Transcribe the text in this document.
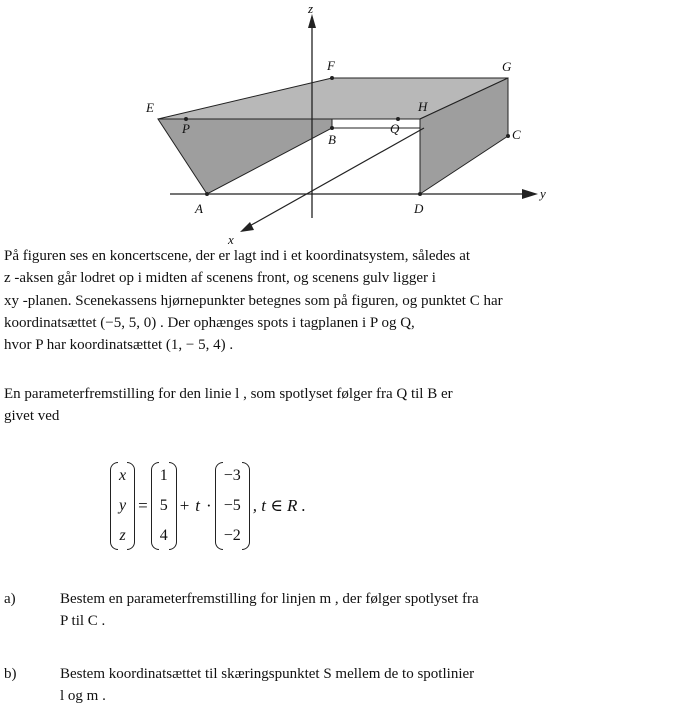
z
y
x
E
F	G
H
C
P
B
Q
A	D

På figuren ses en koncertscene, der er lagt ind i et koordinatsystem, således at
z -aksen går lodret op i midten af scenens front, og scenens gulv ligger i
xy -planen. Scenekassens hjørnepunkter betegnes som på figuren, og punktet C har
koordinatsættet (−5, 5, 0) . Der ophænges spots i tagplanen i P og Q,
hvor P har koordinatsættet (1, − 5, 4) .

En parameterfremstilling for den linie l , som spotlyset følger fra Q til B er
givet ved

x
y
z
=
1
5
4
+ t ·
−3
−5
−2
, t ∈ R .
a)	Bestem en parameterfremstilling for linjen m , der følger spotlyset fra
P til C .
b)	Bestem koordinatsættet til skæringspunktet S mellem de to spotlinier
l og m .
